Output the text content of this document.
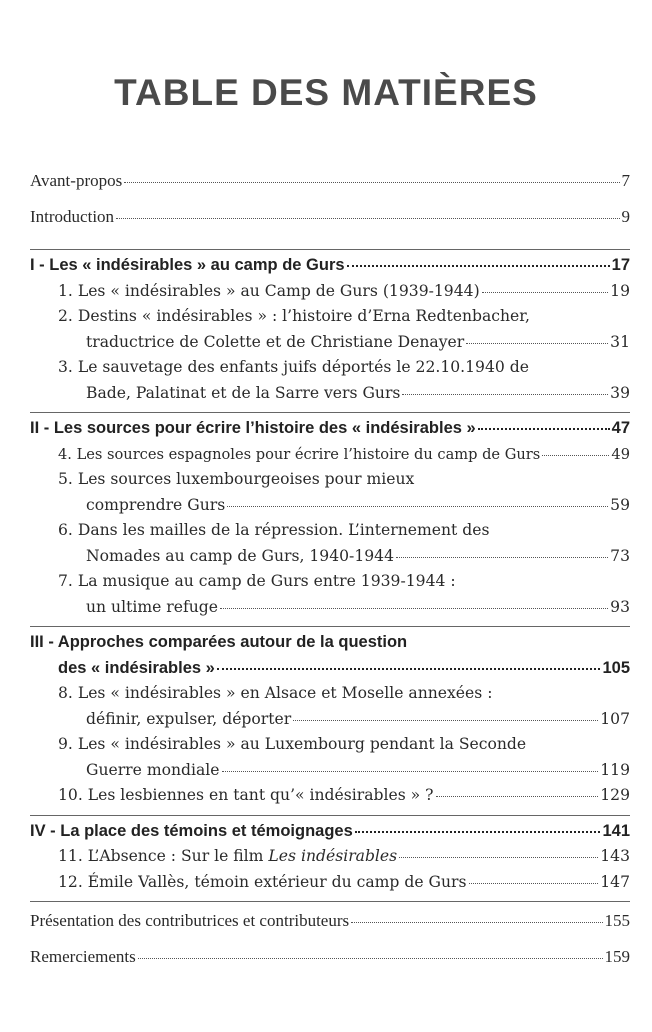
TABLE DES MATIÈRES
Avant-propos	7
Introduction	9
I - Les « indésirables » au camp de Gurs	17
1. Les « indésirables » au Camp de Gurs (1939-1944)	19
2. Destins « indésirables » : l’histoire d’Erna Redtenbacher,
traductrice de Colette et de Christiane Denayer	31
3. Le sauvetage des enfants juifs déportés le 22.10.1940 de
Bade, Palatinat et de la Sarre vers Gurs	39
II - Les sources pour écrire l’histoire des « indésirables »	47
4. Les sources espagnoles pour écrire l’histoire du camp de Gurs	49
5. Les sources luxembourgeoises pour mieux
comprendre Gurs	59
6. Dans les mailles de la répression. L’internement des
Nomades au camp de Gurs, 1940-1944	73
7. La musique au camp de Gurs entre 1939-1944 :
un ultime refuge	93
III - Approches comparées autour de la question
des « indésirables »	105
8. Les « indésirables » en Alsace et Moselle annexées :
définir, expulser, déporter	107
9. Les « indésirables » au Luxembourg pendant la Seconde
Guerre mondiale	119
10. Les lesbiennes en tant qu’« indésirables » ?	129
IV - La place des témoins et témoignages	141
11. L’Absence : Sur le film Les indésirables	143
12. Émile Vallès, témoin extérieur du camp de Gurs	147
Présentation des contributrices et contributeurs	155
Remerciements	159
